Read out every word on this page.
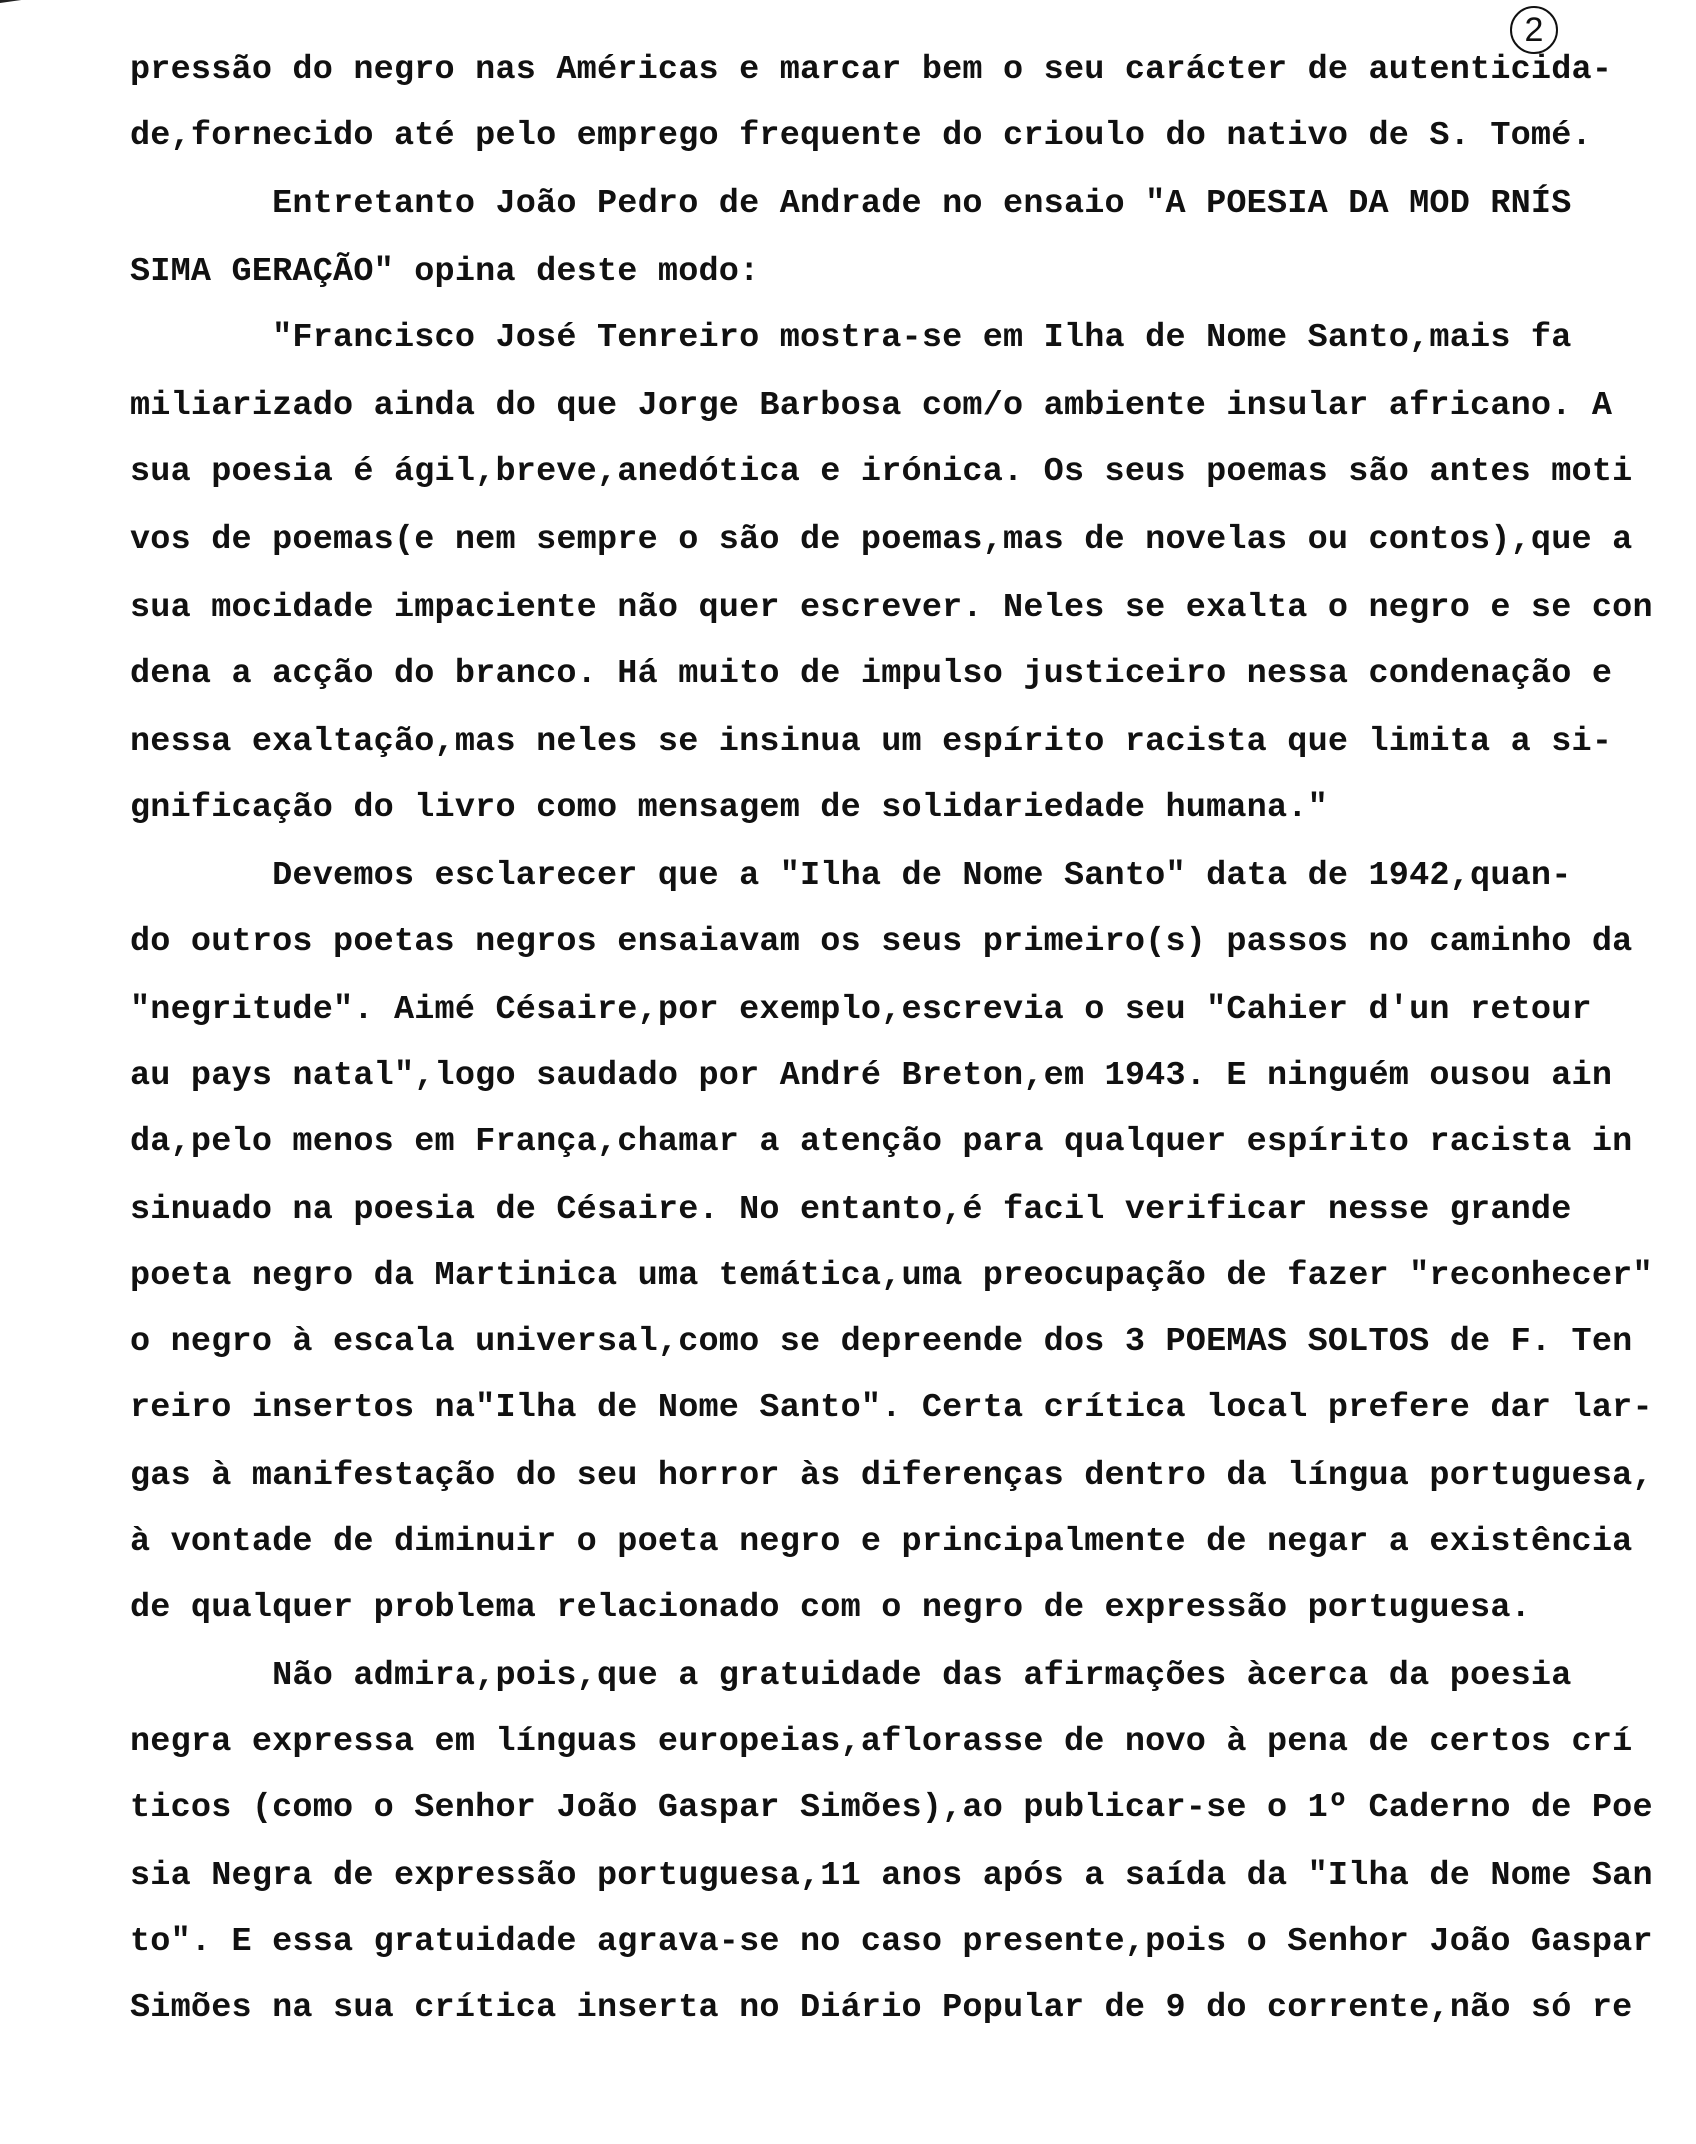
2
pressão do negro nas Américas e marcar bem o seu carácter de autenticida-
de,fornecido até pelo emprego frequente do crioulo do nativo de S. Tomé.
Entretanto João Pedro de Andrade no ensaio "A POESIA DA MOD RNÍS
SIMA GERAÇÃO" opina deste modo:
"Francisco José Tenreiro mostra-se em Ilha de Nome Santo,mais fa
miliarizado ainda do que Jorge Barbosa com/o ambiente insular africano. A
sua poesia é ágil,breve,anedótica e irónica. Os seus poemas são antes moti
vos de poemas(e nem sempre o são de poemas,mas de novelas ou contos),que a
sua mocidade impaciente não quer escrever. Neles se exalta o negro e se con
dena a acção do branco. Há muito de impulso justiceiro nessa condenação e
nessa exaltação,mas neles se insinua um espírito racista que limita a si-
gnificação do livro como mensagem de solidariedade humana."
Devemos esclarecer que a "Ilha de Nome Santo" data de 1942,quan-
do outros poetas negros ensaiavam os seus primeiro(s) passos no caminho da
"negritude". Aimé Césaire,por exemplo,escrevia o seu "Cahier d'un retour
au pays natal",logo saudado por André Breton,em 1943. E ninguém ousou ain
da,pelo menos em França,chamar a atenção para qualquer espírito racista in
sinuado na poesia de Césaire. No entanto,é facil verificar nesse grande
poeta negro da Martinica uma temática,uma preocupação de fazer "reconhecer"
o negro à escala universal,como se depreende dos 3 POEMAS SOLTOS de F. Ten
reiro insertos na"Ilha de Nome Santo". Certa crítica local prefere dar lar-
gas à manifestação do seu horror às diferenças dentro da língua portuguesa,
à vontade de diminuir o poeta negro e principalmente de negar a existência
de qualquer problema relacionado com o negro de expressão portuguesa.
Não admira,pois,que a gratuidade das afirmações àcerca da poesia
negra expressa em línguas europeias,aflorasse de novo à pena de certos crí
ticos (como o Senhor João Gaspar Simões),ao publicar-se o 1º Caderno de Poe
sia Negra de expressão portuguesa,11 anos após a saída da "Ilha de Nome San
to". E essa gratuidade agrava-se no caso presente,pois o Senhor João Gaspar
Simões na sua crítica inserta no Diário Popular de 9 do corrente,não só re
